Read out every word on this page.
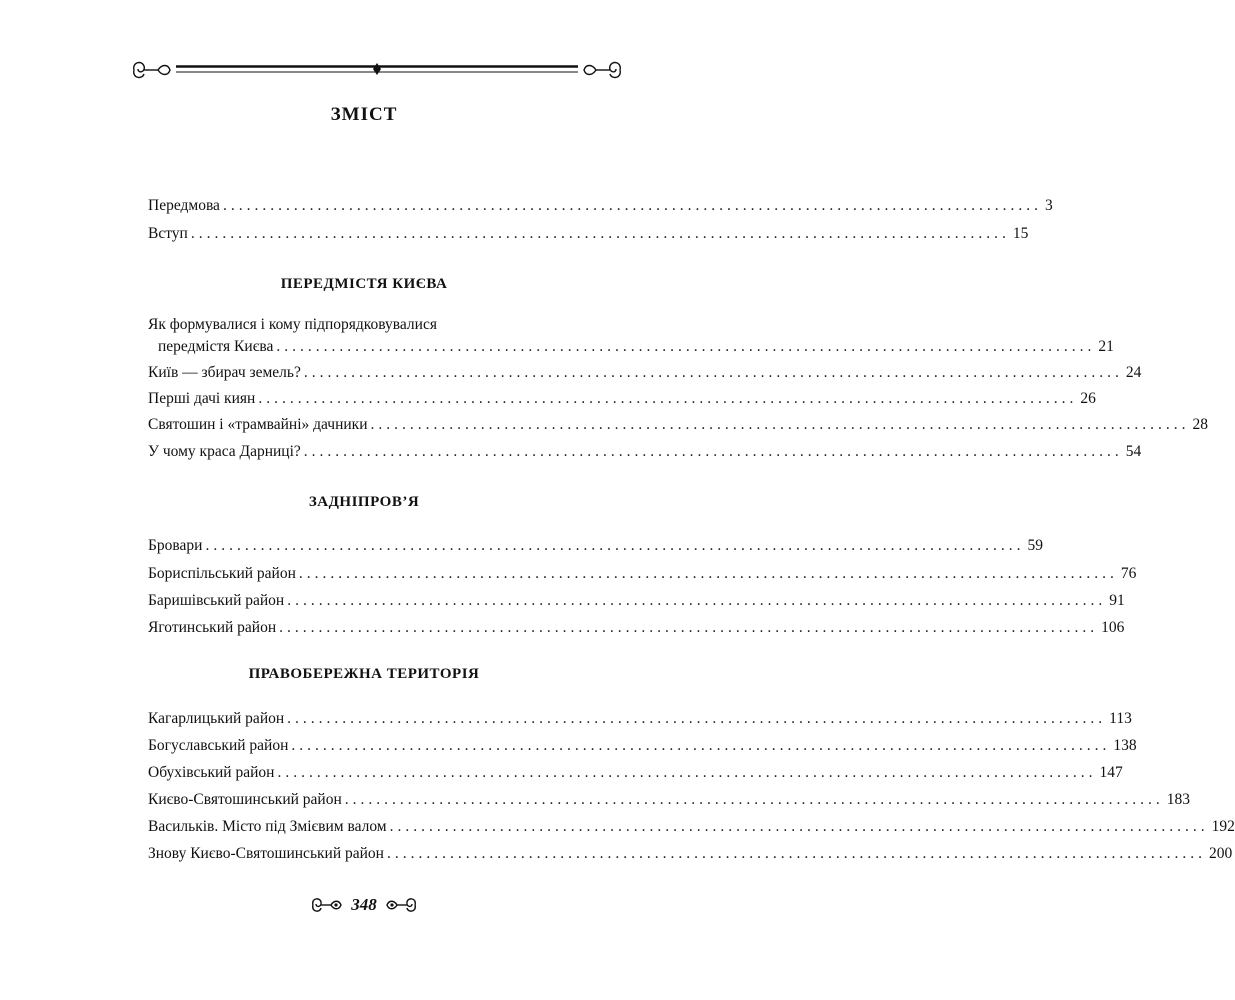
ЗМІСТ
Передмова ........................................................................................................ 3
Вступ ........................................................................................................ 15
ПЕРЕДМІСТЯ КИЄВА
Як формувалися і кому підпорядковувалися
передмістя Києва ........................................................................................................ 21
Київ — збирач земель? ........................................................................................................ 24
Перші дачі киян ........................................................................................................ 26
Святошин і «трамвайні» дачники ........................................................................................................ 28
У чому краса Дарниці? ........................................................................................................ 54
ЗАДНІПРОВ’Я
Бровари ........................................................................................................ 59
Бориспільський район ........................................................................................................ 76
Баришівський район ........................................................................................................ 91
Яготинський район ........................................................................................................ 106
ПРАВОБЕРЕЖНА ТЕРИТОРІЯ
Кагарлицький район ........................................................................................................ 113
Богуславський район ........................................................................................................ 138
Обухівський район ........................................................................................................ 147
Києво-Святошинський район ........................................................................................................ 183
Васильків. Місто під Змієвим валом ........................................................................................................ 192
Знову Києво-Святошинський район ........................................................................................................ 200
348
